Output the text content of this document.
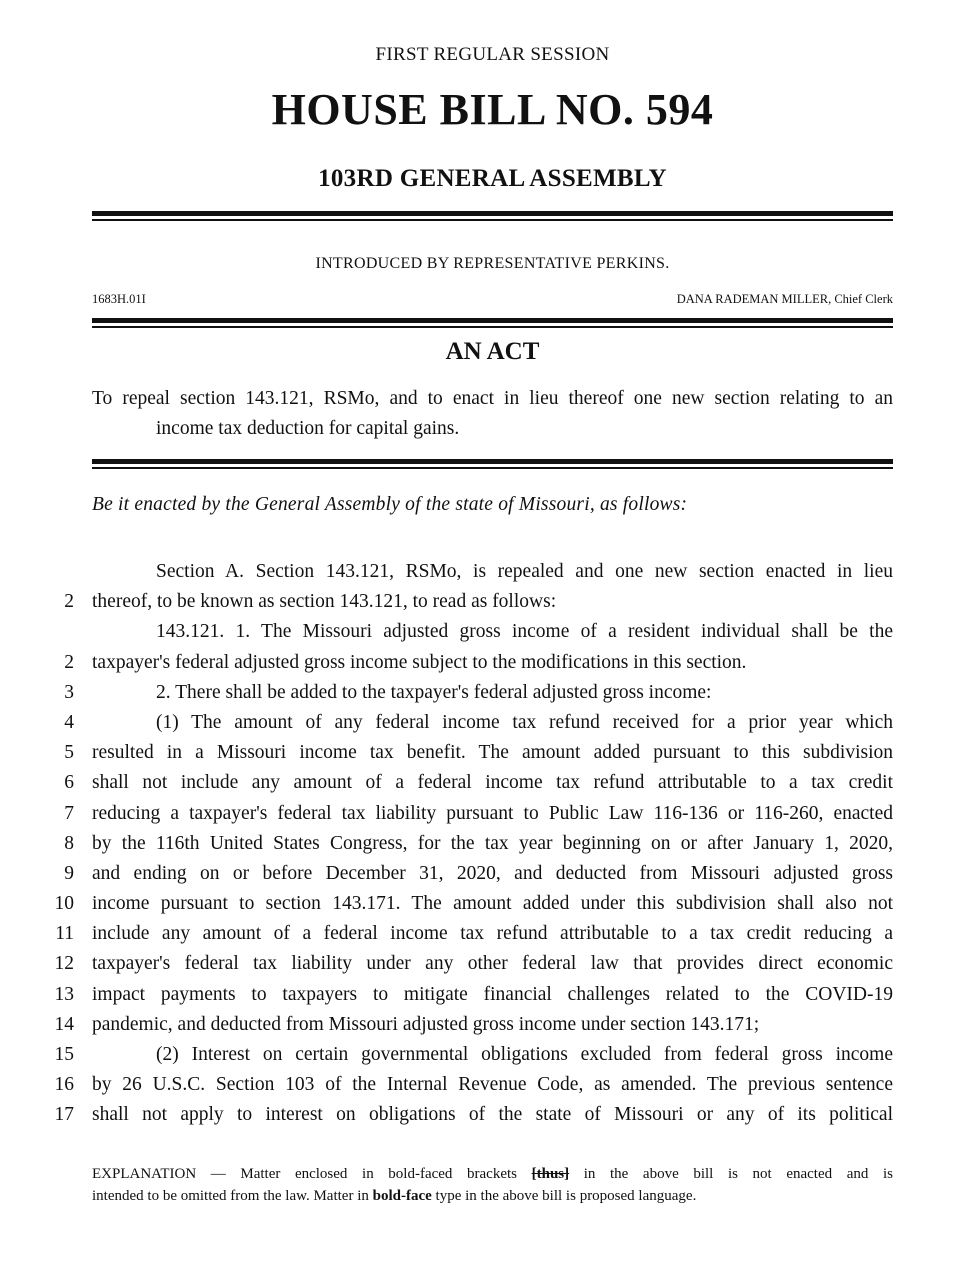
FIRST REGULAR SESSION
HOUSE BILL NO. 594
103RD GENERAL ASSEMBLY
INTRODUCED BY REPRESENTATIVE PERKINS.
1683H.01I	DANA RADEMAN MILLER, Chief Clerk
AN ACT
To repeal section 143.121, RSMo, and to enact in lieu thereof one new section relating to an
income tax deduction for capital gains.
Be it enacted by the General Assembly of the state of Missouri, as follows:
Section A. Section 143.121, RSMo, is repealed and one new section enacted in lieu
2 thereof, to be known as section 143.121, to read as follows:
143.121. 1. The Missouri adjusted gross income of a resident individual shall be the
2 taxpayer's federal adjusted gross income subject to the modifications in this section.
3	2. There shall be added to the taxpayer's federal adjusted gross income:
4	(1) The amount of any federal income tax refund received for a prior year which
5 resulted in a Missouri income tax benefit. The amount added pursuant to this subdivision
6 shall not include any amount of a federal income tax refund attributable to a tax credit
7 reducing a taxpayer's federal tax liability pursuant to Public Law 116-136 or 116-260, enacted
8 by the 116th United States Congress, for the tax year beginning on or after January 1, 2020,
9 and ending on or before December 31, 2020, and deducted from Missouri adjusted gross
10 income pursuant to section 143.171. The amount added under this subdivision shall also not
11 include any amount of a federal income tax refund attributable to a tax credit reducing a
12 taxpayer's federal tax liability under any other federal law that provides direct economic
13 impact payments to taxpayers to mitigate financial challenges related to the COVID-19
14 pandemic, and deducted from Missouri adjusted gross income under section 143.171;
15	(2) Interest on certain governmental obligations excluded from federal gross income
16 by 26 U.S.C. Section 103 of the Internal Revenue Code, as amended. The previous sentence
17 shall not apply to interest on obligations of the state of Missouri or any of its political
EXPLANATION — Matter enclosed in bold-faced brackets [thus] in the above bill is not enacted and is
intended to be omitted from the law. Matter in bold-face type in the above bill is proposed language.
